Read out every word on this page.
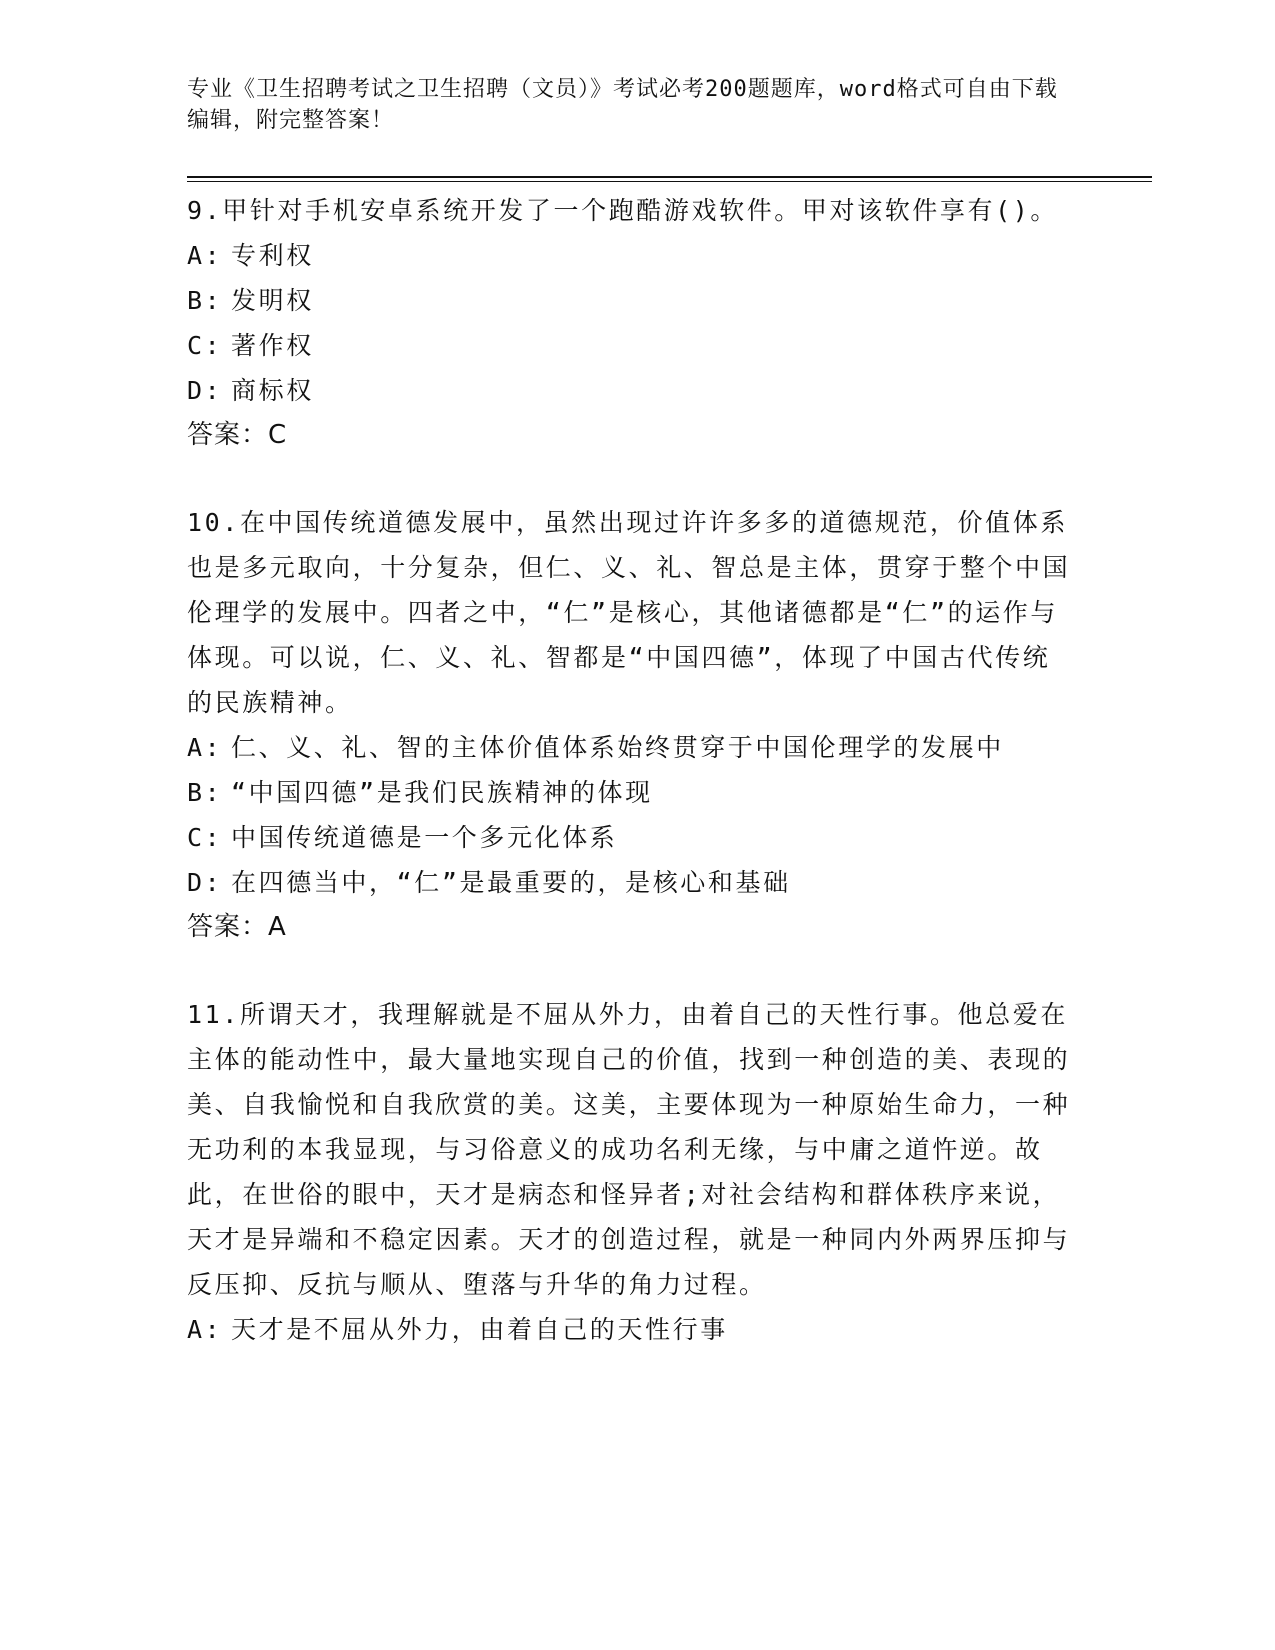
专业《卫生招聘考试之卫生招聘（文员）》考试必考200题题库，word格式可自由下载编辑，附完整答案！

9.甲针对手机安卓系统开发了一个跑酷游戏软件。甲对该软件享有()。

A: 专利权
B: 发明权
C: 著作权
D: 商标权
答案：C

10.在中国传统道德发展中，虽然出现过许许多多的道德规范，价值体系也是多元取向，十分复杂，但仁、义、礼、智总是主体，贯穿于整个中国伦理学的发展中。四者之中，“仁”是核心，其他诸德都是“仁”的运作与体现。可以说，仁、义、礼、智都是“中国四德”，体现了中国古代传统的民族精神。

A: 仁、义、礼、智的主体价值体系始终贯穿于中国伦理学的发展中
B: “中国四德”是我们民族精神的体现
C: 中国传统道德是一个多元化体系
D: 在四德当中，“仁”是最重要的，是核心和基础
答案：A

11.所谓天才，我理解就是不屈从外力，由着自己的天性行事。他总爱在主体的能动性中，最大量地实现自己的价值，找到一种创造的美、表现的美、自我愉悦和自我欣赏的美。这美，主要体现为一种原始生命力，一种无功利的本我显现，与习俗意义的成功名利无缘，与中庸之道忤逆。故此，在世俗的眼中，天才是病态和怪异者;对社会结构和群体秩序来说，天才是异端和不稳定因素。天才的创造过程，就是一种同内外两界压抑与反压抑、反抗与顺从、堕落与升华的角力过程。

A: 天才是不屈从外力，由着自己的天性行事
